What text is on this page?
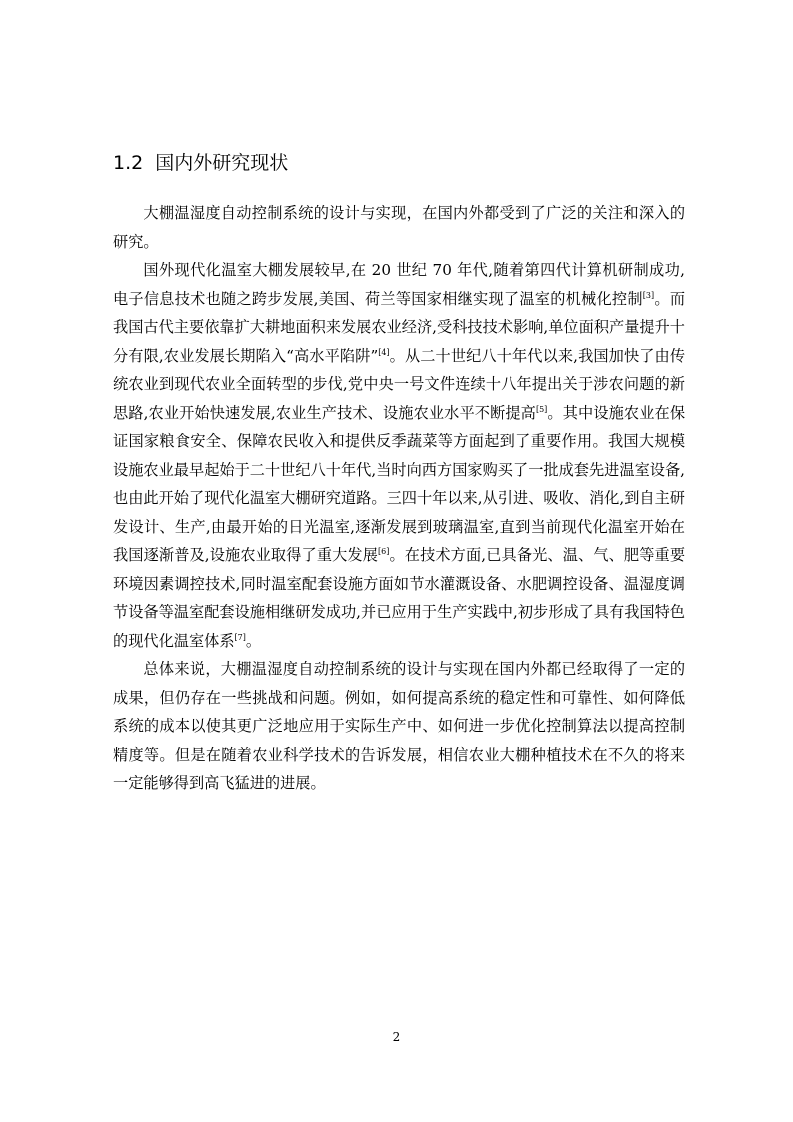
1.2 国内外研究现状

大棚温湿度自动控制系统的设计与实现，在国内外都受到了广泛的关注和深入的研究。

国外现代化温室大棚发展较早,在 20 世纪 70 年代,随着第四代计算机研制成功,电子信息技术也随之跨步发展,美国、荷兰等国家相继实现了温室的机械化控制[3]。而我国古代主要依靠扩大耕地面积来发展农业经济,受科技技术影响,单位面积产量提升十分有限,农业发展长期陷入“高水平陷阱”[4]。从二十世纪八十年代以来,我国加快了由传统农业到现代农业全面转型的步伐,党中央一号文件连续十八年提出关于涉农问题的新思路,农业开始快速发展,农业生产技术、设施农业水平不断提高[5]。其中设施农业在保证国家粮食安全、保障农民收入和提供反季蔬菜等方面起到了重要作用。我国大规模设施农业最早起始于二十世纪八十年代,当时向西方国家购买了一批成套先进温室设备,也由此开始了现代化温室大棚研究道路。三四十年以来,从引进、吸收、消化,到自主研发设计、生产,由最开始的日光温室,逐渐发展到玻璃温室,直到当前现代化温室开始在我国逐渐普及,设施农业取得了重大发展[6]。在技术方面,已具备光、温、气、肥等重要环境因素调控技术,同时温室配套设施方面如节水灌溉设备、水肥调控设备、温湿度调节设备等温室配套设施相继研发成功,并已应用于生产实践中,初步形成了具有我国特色的现代化温室体系[7]。

总体来说，大棚温湿度自动控制系统的设计与实现在国内外都已经取得了一定的成果，但仍存在一些挑战和问题。例如，如何提高系统的稳定性和可靠性、如何降低系统的成本以使其更广泛地应用于实际生产中、如何进一步优化控制算法以提高控制精度等。但是在随着农业科学技术的告诉发展，相信农业大棚种植技术在不久的将来一定能够得到高飞猛进的进展。

2
